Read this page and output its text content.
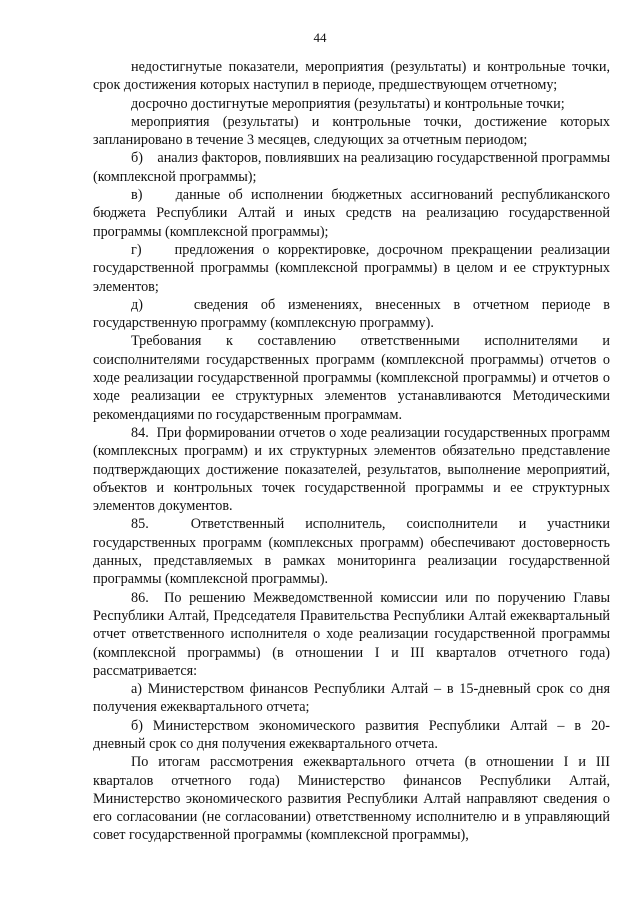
44

недостигнутые показатели, мероприятия (результаты) и контрольные точки, срок достижения которых наступил в периоде, предшествующем отчетному;

досрочно достигнутые мероприятия (результаты) и контрольные точки;

мероприятия (результаты) и контрольные точки, достижение которых запланировано в течение 3 месяцев, следующих за отчетным периодом;

б)    анализ факторов, повлиявших на реализацию государственной программы (комплексной программы);

в)    данные об исполнении бюджетных ассигнований республиканского бюджета Республики Алтай и иных средств на реализацию государственной программы (комплексной программы);

г)    предложения о корректировке, досрочном прекращении реализации государственной программы (комплексной программы) в целом и ее структурных элементов;

д)    сведения об изменениях, внесенных в отчетном периоде в государственную программу (комплексную программу).

Требования к составлению ответственными исполнителями и соисполнителями государственных программ (комплексной программы) отчетов о ходе реализации государственной программы (комплексной программы) и отчетов о ходе реализации ее структурных элементов устанавливаются Методическими рекомендациями по государственным программам.

84.  При формировании отчетов о ходе реализации государственных программ (комплексных программ) и их структурных элементов обязательно представление подтверждающих достижение показателей, результатов, выполнение мероприятий, объектов и контрольных точек государственной программы и ее структурных элементов документов.

85.  Ответственный исполнитель, соисполнители и участники государственных программ (комплексных программ) обеспечивают достоверность данных, представляемых в рамках мониторинга реализации государственной программы (комплексной программы).

86.  По решению Межведомственной комиссии или по поручению Главы Республики Алтай, Председателя Правительства Республики Алтай ежеквартальный отчет ответственного исполнителя о ходе реализации государственной программы (комплексной программы) (в отношении I и III кварталов отчетного года) рассматривается:

а) Министерством финансов Республики Алтай – в 15-дневный срок со дня получения ежеквартального отчета;

б) Министерством экономического развития Республики Алтай – в 20-дневный срок со дня получения ежеквартального отчета.

По итогам рассмотрения ежеквартального отчета (в отношении I и III кварталов отчетного года) Министерство финансов Республики Алтай, Министерство экономического развития Республики Алтай направляют сведения о его согласовании (не согласовании) ответственному исполнителю и в управляющий совет государственной программы (комплексной программы),
